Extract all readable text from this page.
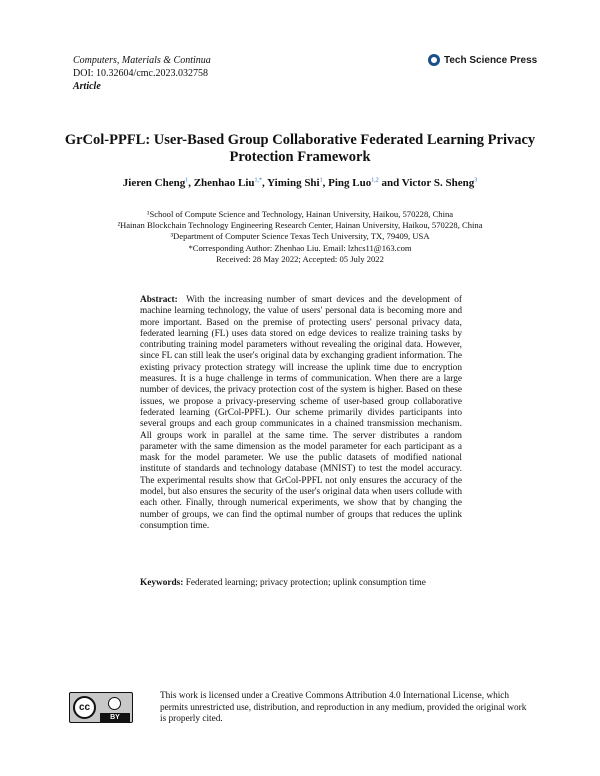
Computers, Materials & Continua
DOI: 10.32604/cmc.2023.032758
Article
Tech Science Press
GrCol-PPFL: User-Based Group Collaborative Federated Learning Privacy Protection Framework
Jieren Cheng$^1$, Zhenhao Liu$^{1,*}$, Yiming Shi$^1$, Ping Luo$^{1,2}$ and Victor S. Sheng$^3$
¹School of Compute Science and Technology, Hainan University, Haikou, 570228, China
²Hainan Blockchain Technology Engineering Research Center, Hainan University, Haikou, 570228, China
³Department of Computer Science Texas Tech University, TX, 79409, USA
*Corresponding Author: Zhenhao Liu. Email: lzhcs11@163.com
Received: 28 May 2022; Accepted: 05 July 2022
Abstract: With the increasing number of smart devices and the development of machine learning technology, the value of users' personal data is becoming more and more important. Based on the premise of protecting users' personal privacy data, federated learning (FL) uses data stored on edge devices to realize training tasks by contributing training model parameters without revealing the original data. However, since FL can still leak the user's original data by exchanging gradient information. The existing privacy protection strategy will increase the uplink time due to encryption measures. It is a huge challenge in terms of communication. When there are a large number of devices, the privacy protection cost of the system is higher. Based on these issues, we propose a privacy-preserving scheme of user-based group collaborative federated learning (GrCol-PPFL). Our scheme primarily divides participants into several groups and each group communicates in a chained transmission mechanism. All groups work in parallel at the same time. The server distributes a random parameter with the same dimension as the model parameter for each participant as a mask for the model parameter. We use the public datasets of modified national institute of standards and technology database (MNIST) to test the model accuracy. The experimental results show that GrCol-PPFL not only ensures the accuracy of the model, but also ensures the security of the user's original data when users collude with each other. Finally, through numerical experiments, we show that by changing the number of groups, we can find the optimal number of groups that reduces the uplink consumption time.
Keywords: Federated learning; privacy protection; uplink consumption time
cc
BY
This work is licensed under a Creative Commons Attribution 4.0 International License, which permits unrestricted use, distribution, and reproduction in any medium, provided the original work is properly cited.
